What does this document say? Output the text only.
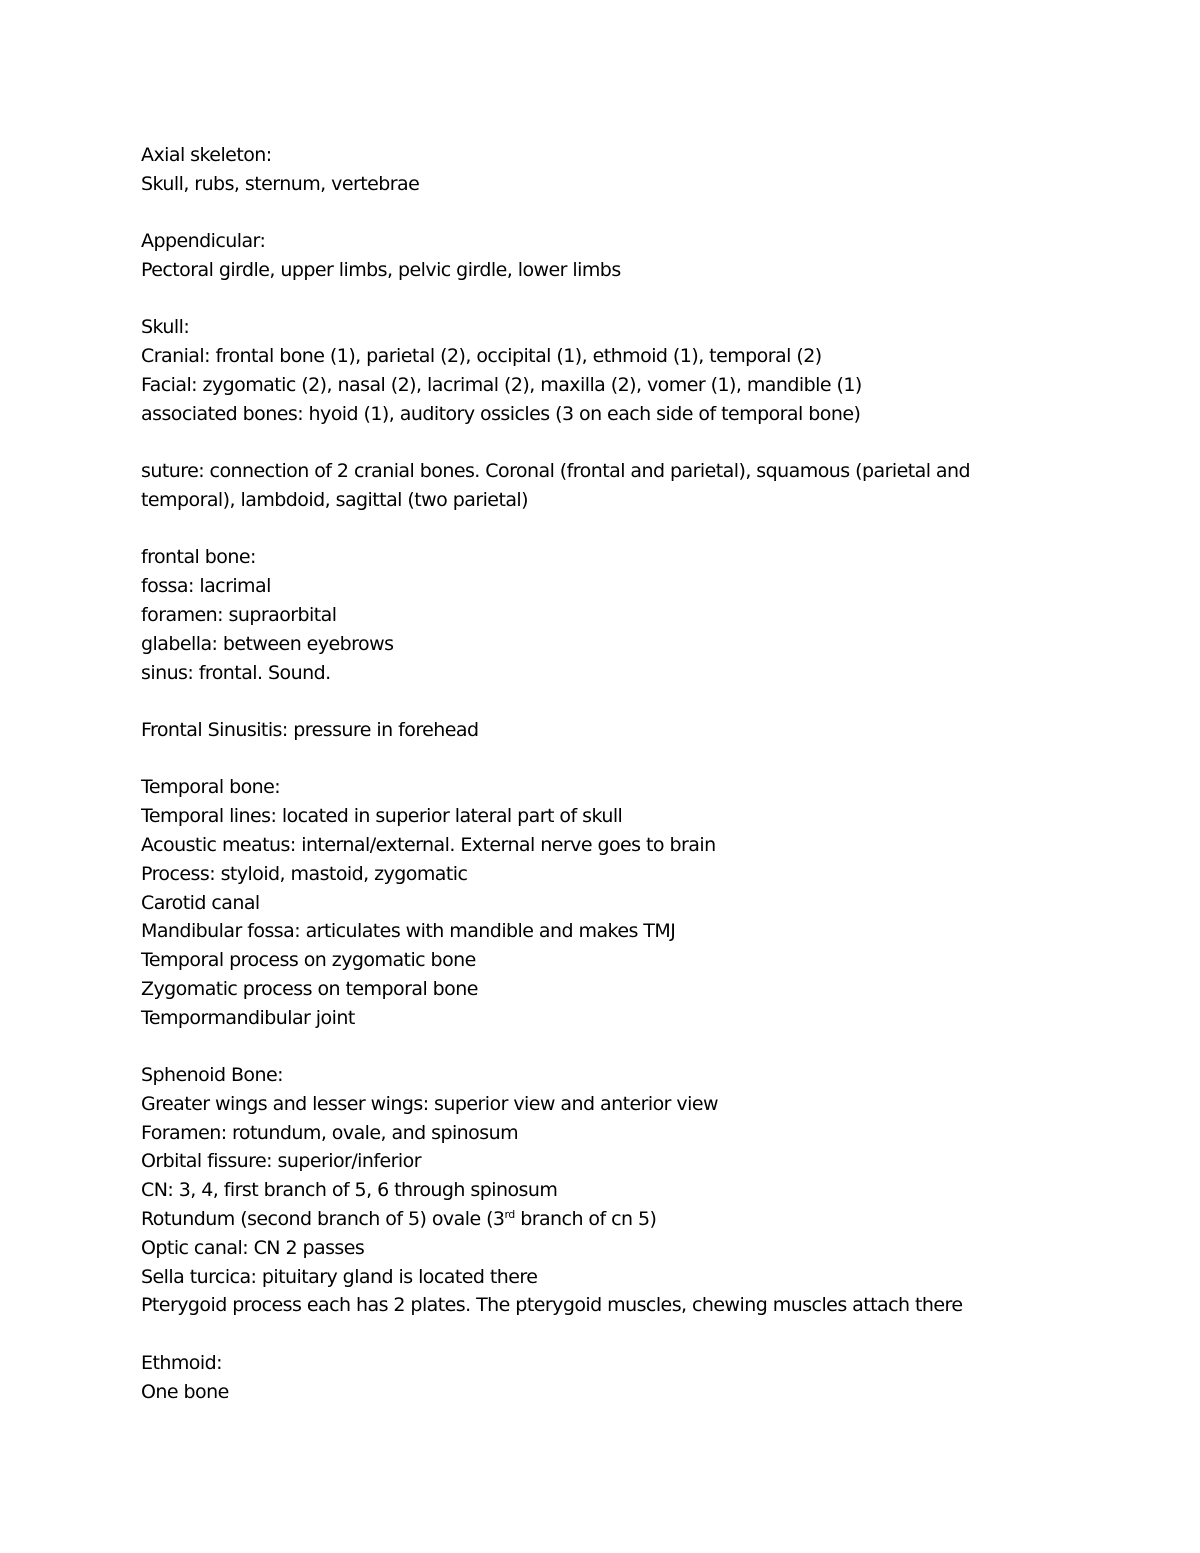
Axial skeleton:
Skull, rubs, sternum, vertebrae
Appendicular:
Pectoral girdle, upper limbs, pelvic girdle, lower limbs
Skull:
Cranial: frontal bone (1), parietal (2), occipital (1), ethmoid (1), temporal (2)
Facial: zygomatic (2), nasal (2), lacrimal (2), maxilla (2), vomer (1), mandible (1)
associated bones: hyoid (1), auditory ossicles (3 on each side of temporal bone)
suture: connection of 2 cranial bones. Coronal (frontal and parietal), squamous (parietal and temporal), lambdoid, sagittal (two parietal)
frontal bone:
fossa: lacrimal
foramen: supraorbital
glabella: between eyebrows
sinus: frontal. Sound.
Frontal Sinusitis: pressure in forehead
Temporal bone:
Temporal lines: located in superior lateral part of skull
Acoustic meatus: internal/external. External nerve goes to brain
Process: styloid, mastoid, zygomatic
Carotid canal
Mandibular fossa: articulates with mandible and makes TMJ
Temporal process on zygomatic bone
Zygomatic process on temporal bone
Tempormandibular joint
Sphenoid Bone:
Greater wings and lesser wings: superior view and anterior view
Foramen: rotundum, ovale, and spinosum
Orbital fissure: superior/inferior
CN: 3, 4, first branch of 5, 6 through spinosum
Rotundum (second branch of 5) ovale (3rd branch of cn 5)
Optic canal: CN 2 passes
Sella turcica: pituitary gland is located there
Pterygoid process each has 2 plates. The pterygoid muscles, chewing muscles attach there
Ethmoid:
One bone
